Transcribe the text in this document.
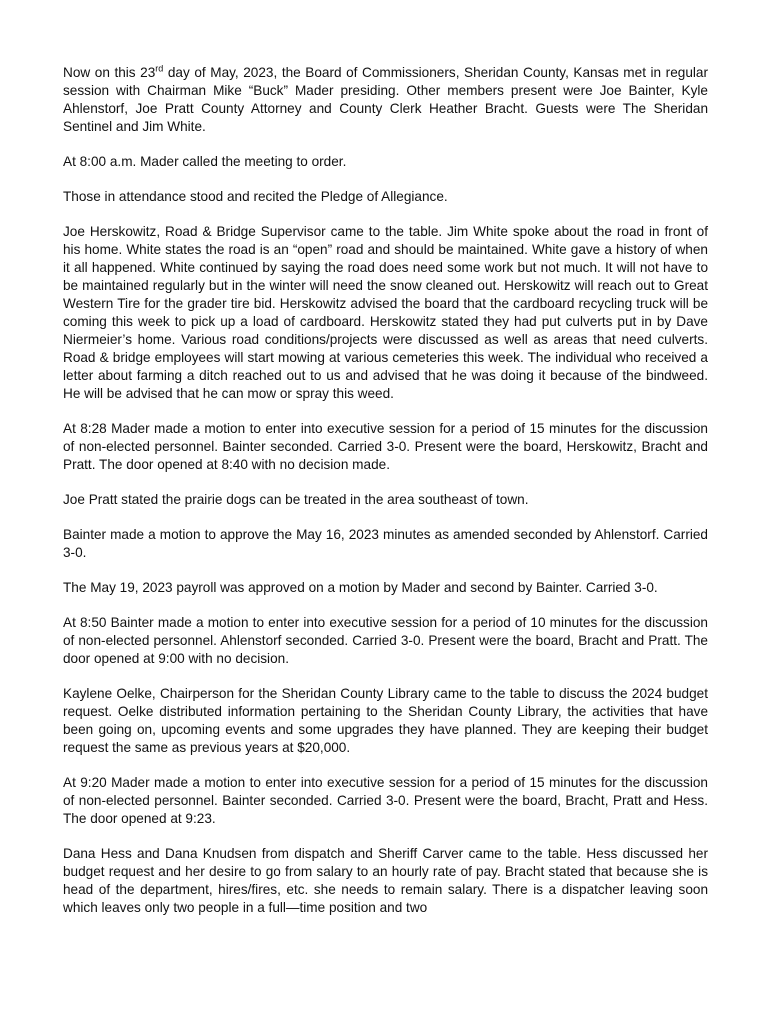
Now on this 23rd day of May, 2023, the Board of Commissioners, Sheridan County, Kansas met in regular session with Chairman Mike “Buck” Mader presiding. Other members present were Joe Bainter, Kyle Ahlenstorf, Joe Pratt County Attorney and County Clerk Heather Bracht. Guests were The Sheridan Sentinel and Jim White.

At 8:00 a.m. Mader called the meeting to order.

Those in attendance stood and recited the Pledge of Allegiance.

Joe Herskowitz, Road & Bridge Supervisor came to the table. Jim White spoke about the road in front of his home. White states the road is an “open” road and should be maintained. White gave a history of when it all happened. White continued by saying the road does need some work but not much. It will not have to be maintained regularly but in the winter will need the snow cleaned out. Herskowitz will reach out to Great Western Tire for the grader tire bid. Herskowitz advised the board that the cardboard recycling truck will be coming this week to pick up a load of cardboard. Herskowitz stated they had put culverts put in by Dave Niermeier’s home. Various road conditions/projects were discussed as well as areas that need culverts. Road & bridge employees will start mowing at various cemeteries this week. The individual who received a letter about farming a ditch reached out to us and advised that he was doing it because of the bindweed. He will be advised that he can mow or spray this weed.

At 8:28 Mader made a motion to enter into executive session for a period of 15 minutes for the discussion of non-elected personnel. Bainter seconded. Carried 3-0. Present were the board, Herskowitz, Bracht and Pratt. The door opened at 8:40 with no decision made.

Joe Pratt stated the prairie dogs can be treated in the area southeast of town.

Bainter made a motion to approve the May 16, 2023 minutes as amended seconded by Ahlenstorf. Carried 3-0.

The May 19, 2023 payroll was approved on a motion by Mader and second by Bainter. Carried 3-0.

At 8:50 Bainter made a motion to enter into executive session for a period of 10 minutes for the discussion of non-elected personnel. Ahlenstorf seconded. Carried 3-0. Present were the board, Bracht and Pratt. The door opened at 9:00 with no decision.

Kaylene Oelke, Chairperson for the Sheridan County Library came to the table to discuss the 2024 budget request. Oelke distributed information pertaining to the Sheridan County Library, the activities that have been going on, upcoming events and some upgrades they have planned. They are keeping their budget request the same as previous years at $20,000.

At 9:20 Mader made a motion to enter into executive session for a period of 15 minutes for the discussion of non-elected personnel. Bainter seconded. Carried 3-0. Present were the board, Bracht, Pratt and Hess. The door opened at 9:23.

Dana Hess and Dana Knudsen from dispatch and Sheriff Carver came to the table. Hess discussed her budget request and her desire to go from salary to an hourly rate of pay. Bracht stated that because she is head of the department, hires/fires, etc. she needs to remain salary. There is a dispatcher leaving soon which leaves only two people in a full—time position and two
